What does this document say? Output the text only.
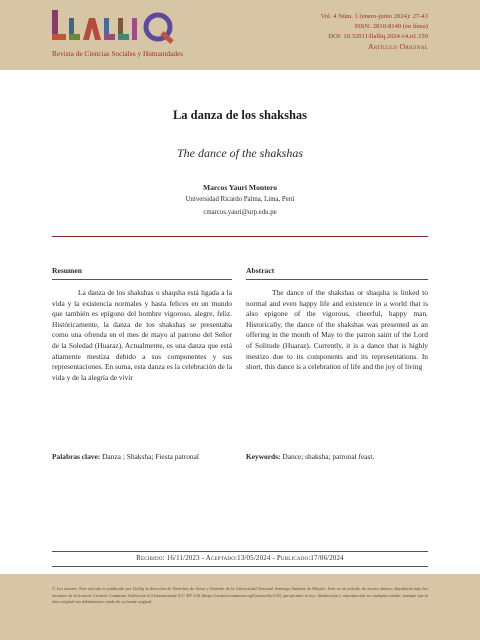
Revista de Ciencias Sociales y Humanidades
Vol. 4 Núm. 1 (enero-junio 2024): 27-43
ISSN: 2810-8140 (en línea)
DOI: 10.32911/llalliq.2024.v4.n1.159
Artículo Original
La danza de los shakshas
The dance of the shakshas
Marcos Yauri Montero
Universidad Ricardo Palma, Lima, Perú
cmarcos.yauri@urp.edu.pe
Resumen
La danza de los shakshas o shaqsha está ligada a la vida y la existencia normales y hasta felices en un mundo que también es epígono del hombre vigoroso, alegre, feliz. Históricamente, la danza de los shakshas se presentaba como una ofrenda en el mes de mayo al patrono del Señor de la Soledad (Huaraz). Actualmente, es una danza que está altamente mestiza debido a sus componentes y sus representaciones. En suma, esta danza es la celebración de la vida y de la alegría de vivir
Abstract
The dance of the shakshas or shaqsha is linked to normal and even happy life and existence in a world that is also epigone of the vigorous, cheerful, happy man. Historically, the dance of the shakshas was presented as an offering in the month of May to the patron saint of the Lord of Solitude (Huaraz). Currently, it is a dance that is highly mestizo due to its components and its representations. In short, this dance is a celebration of life and the joy of living
Palabras clave: Danza ; Shaksha; Fiesta patronal	Keywords: Dance; shaksha; patronal feast.
Recibido: 16/11/2023 - Aceptado:13/05/2024 - Publicado:17/06/2024
© Los autores. Este artículo es publicado por Llalliq la dirección de Derechos de Autor y Patentes de la Universidad Nacional Santiago Antúnez de Mayolo. Este es un artículo de acceso abierto, distribuido bajo los términos de la licencia Creative Commons Atribución 4.0 Internacional (CC BY 4.0) [https://creativecommons.org/licenses/by/4.0/] que permite el uso, distribución y reproducción en cualquier medio, siempre que la obra original sea debidamente citada de su fuente original.
